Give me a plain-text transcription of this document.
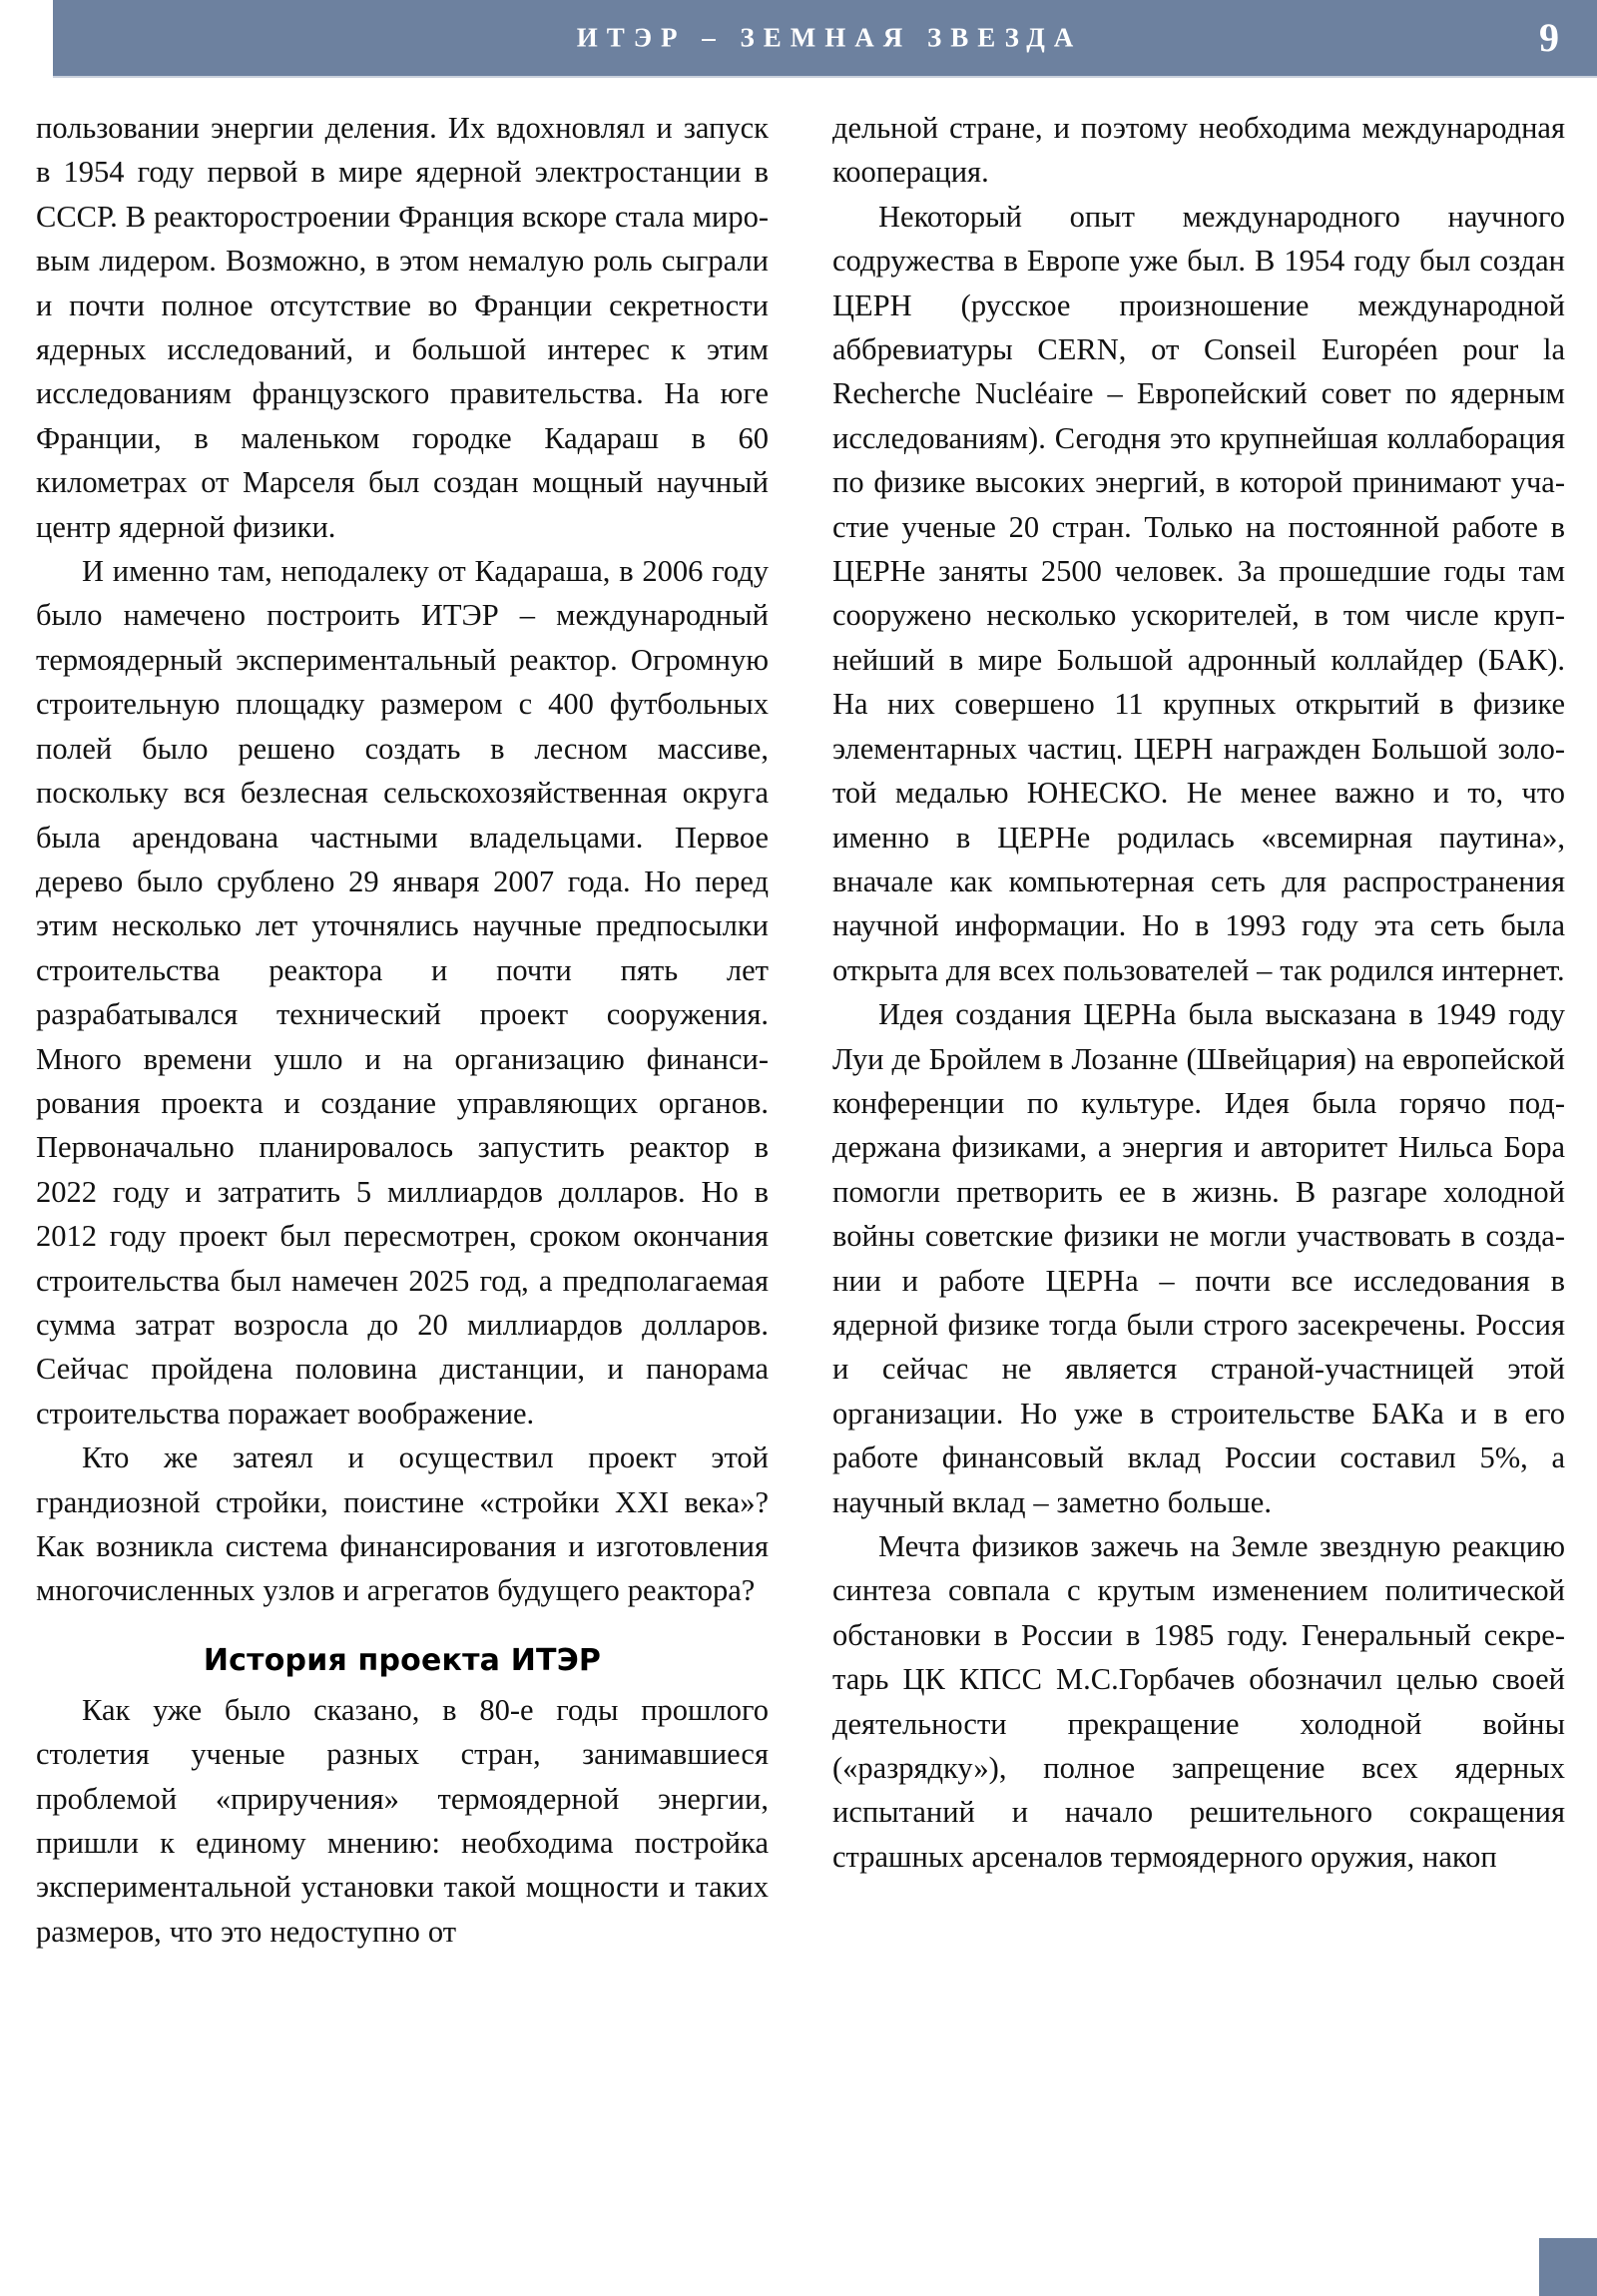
ИТЭР – ЗЕМНАЯ ЗВЕЗДА	9

пользовании энергии деления. Их вдохновлял и запуск в 1954 году первой в мире ядерной электростанции в СССР. В реакторостроении Франция вскоре стала мировым лидером. Возможно, в этом немалую роль сыграли и почти полное отсутствие во Франции секретности ядерных исследований, и большой интерес к этим исследованиям французского правительства. На юге Франции, в маленьком городке Кадараш в 60 километрах от Марселя был создан мощный научный центр ядерной физики.

И именно там, неподалеку от Кадараша, в 2006 году было намечено построить ИТЭР – международный термоядерный экспериментальный реактор. Огромную строительную площадку размером с 400 футбольных полей было решено создать в лесном массиве, поскольку вся безлесная сельскохозяйственная округа была арендована частными владельцами. Первое дерево было срублено 29 января 2007 года. Но перед этим несколько лет уточнялись научные предпосылки строительства реактора и почти пять лет разрабатывался технический проект сооружения. Много времени ушло и на организацию финансирования проекта и создание управляющих органов. Первоначально планировалось запустить реактор в 2022 году и затратить 5 миллиардов долларов. Но в 2012 году проект был пересмотрен, сроком окончания строительства был намечен 2025 год, а предполагаемая сумма затрат возросла до 20 миллиардов долларов. Сейчас пройдена половина дистанции, и панорама строительства поражает воображение.

Кто же затеял и осуществил проект этой грандиозной стройки, поистине «стройки XXI века»? Как возникла система финансирования и изготовления многочисленных узлов и агрегатов будущего реактора?

История проекта ИТЭР

Как уже было сказано, в 80-е годы прошлого столетия ученые разных стран, занимавшиеся проблемой «приручения» термоядерной энергии, пришли к единому мнению: необходима постройка экспериментальной установки такой мощности и таких размеров, что это недоступно от

дельной стране, и поэтому необходима международная кооперация.

Некоторый опыт международного научного содружества в Европе уже был. В 1954 году был создан ЦЕРН (русское произношение международной аббревиатуры CERN, от Conseil Européen pour la Recherche Nucléaire – Европейский совет по ядерным исследованиям). Сегодня это крупнейшая коллаборация по физике высоких энергий, в которой принимают участие ученые 20 стран. Только на постоянной работе в ЦЕРНе заняты 2500 человек. За прошедшие годы там сооружено несколько ускорителей, в том числе крупнейший в мире Большой адронный коллайдер (БАК). На них совершено 11 крупных открытий в физике элементарных частиц. ЦЕРН награжден Большой золотой медалью ЮНЕСКО. Не менее важно и то, что именно в ЦЕРНе родилась «всемирная паутина», вначале как компьютерная сеть для распространения научной информации. Но в 1993 году эта сеть была открыта для всех пользователей – так родился интернет.

Идея создания ЦЕРНа была высказана в 1949 году Луи де Бройлем в Лозанне (Швейцария) на европейской конференции по культуре. Идея была горячо поддержана физиками, а энергия и авторитет Нильса Бора помогли претворить ее в жизнь. В разгаре холодной войны советские физики не могли участвовать в создании и работе ЦЕРНа – почти все исследования в ядерной физике тогда были строго засекречены. Россия и сейчас не является страной-участницей этой организации. Но уже в строительстве БАКа и в его работе финансовый вклад России составил 5%, а научный вклад – заметно больше.

Мечта физиков зажечь на Земле звездную реакцию синтеза совпала с крутым изменением политической обстановки в России в 1985 году. Генеральный секретарь ЦК КПСС М.С.Горбачев обозначил целью своей деятельности прекращение холодной войны («разрядку»), полное запрещение всех ядерных испытаний и начало решительного сокращения страшных арсеналов термоядерного оружия, накоп
